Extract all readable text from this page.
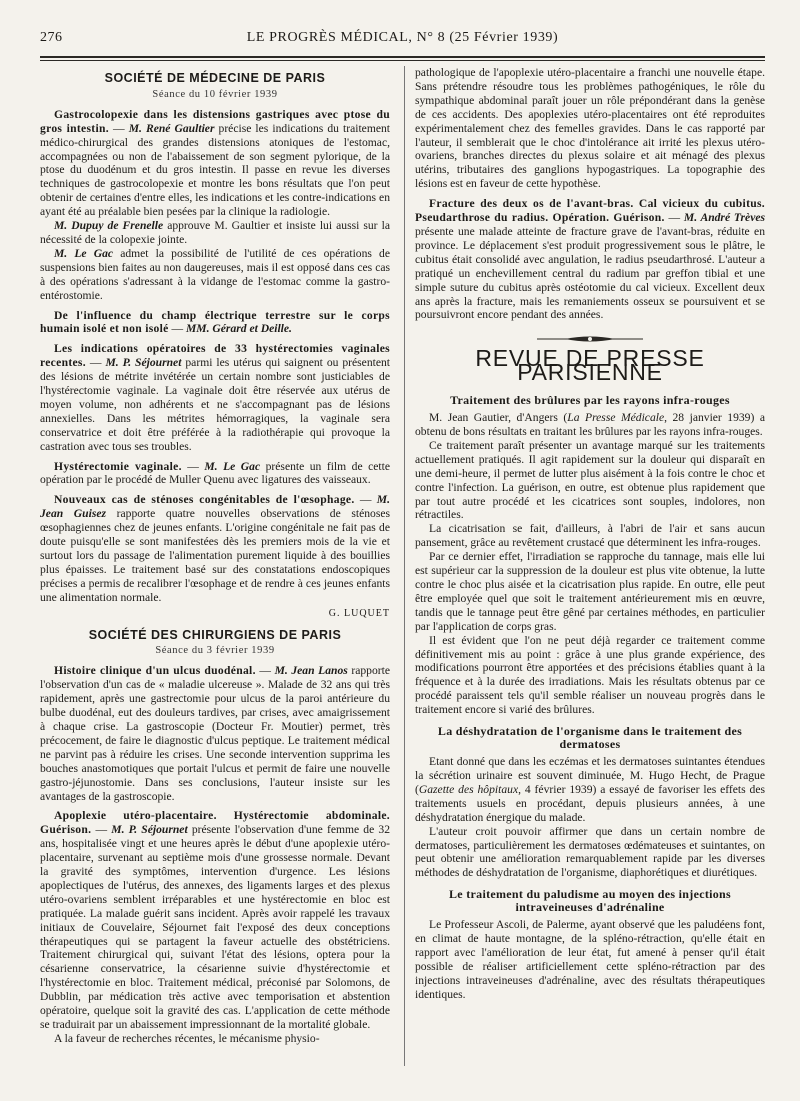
276	LE PROGRÈS MÉDICAL, N° 8 (25 Février 1939)
SOCIÉTÉ DE MÉDECINE DE PARIS
Séance du 10 février 1939

Gastrocolopexie dans les distensions gastriques avec ptose du gros intestin. — M. René Gaultier précise les indications du traitement médico-chirurgical des grandes distensions atoniques de l'estomac, accompagnées ou non de l'abaissement de son segment pylorique, de la ptose du duodénum et du gros intestin. Il passe en revue les diverses techniques de gastrocolopexie et montre les bons résultats que l'on peut obtenir de certaines d'entre elles, les indications et les contre-indications en ayant été au préalable bien pesées par la clinique la radiologie.

M. Dupuy de Frenelle approuve M. Gaultier et insiste lui aussi sur la nécessité de la colopexie jointe.

M. Le Gac admet la possibilité de l'utilité de ces opérations de suspensions bien faites au non daugereuses, mais il est opposé dans ces cas à des opérations s'adressant à la vidange de l'estomac comme la gastro-entérostomie.

De l'influence du champ électrique terrestre sur le corps humain isolé et non isolé — MM. Gérard et Deille.

Les indications opératoires de 33 hystérectomies vaginales recentes. — M. P. Séjournet parmi les utérus qui saignent ou présentent des lésions de métrite invétérée un certain nombre sont justiciables de l'hystérectomie vaginale. La vaginale doit être réservée aux utérus de moyen volume, non adhérents et ne s'accompagnant pas de lésions annexielles. Dans les métrites hémorragiques, la vaginale sera conservatrice et doit être préférée à la radiothérapie qui provoque la castration avec tous ses troubles.

Hystérectomie vaginale. — M. Le Gac présente un film de cette opération par le procédé de Muller Quenu avec ligatures des vaisseaux.

Nouveaux cas de sténoses congénitables de l'œsophage. — M. Jean Guisez rapporte quatre nouvelles observations de sténoses œsophagiennes chez de jeunes enfants. L'origine congénitale ne fait pas de doute puisqu'elle se sont manifestées dès les premiers mois de la vie et surtout lors du passage de l'alimentation purement liquide à des bouillies plus épaisses. Le traitement basé sur des constatations endoscopiques précises a permis de recalibrer l'œsophage et de rendre à ces jeunes enfants une alimentation normale.

G. LUQUET
SOCIÉTÉ DES CHIRURGIENS DE PARIS
Séance du 3 février 1939

Histoire clinique d'un ulcus duodénal. — M. Jean Lanos rapporte l'observation d'un cas de « maladie ulcereuse ». Malade de 32 ans qui très rapidement, après une gastrectomie pour ulcus de la paroi antérieure du bulbe duodénal, eut des douleurs tardives, par crises, avec amaigrissement à chaque crise. La gastroscopie (Docteur Fr. Moutier) permet, très précocement, de faire le diagnostic d'ulcus peptique. Le traitement médical ne parvint pas à réduire les crises. Une seconde intervention supprima les bouches anastomotiques que portait l'ulcus et permit de faire une nouvelle gastro-jéjunostomie. Dans ses conclusions, l'auteur insiste sur les avantages de la gastroscopie.

Apoplexie utéro-placentaire. Hystérectomie abdominale. Guérison. — M. P. Séjournet présente l'observation d'une femme de 32 ans, hospitalisée vingt et une heures après le début d'une apoplexie utéro-placentaire, survenant au septième mois d'une grossesse normale. Devant la gravité des symptômes, intervention d'urgence. Les lésions apoplectiques de l'utérus, des annexes, des ligaments larges et des plexus utéro-ovariens semblent irréparables et une hystérectomie en bloc est pratiquée. La malade guérit sans incident. Après avoir rappelé les travaux initiaux de Couvelaire, Séjournet fait l'exposé des deux conceptions thérapeutiques qui se partagent la faveur actuelle des obstétriciens. Traitement chirurgical qui, suivant l'état des lésions, optera pour la césarienne conservatrice, la césarienne suivie d'hystérectomie et l'hystérectomie en bloc. Traitement médical, préconisé par Solomons, de Dubblin, par médication très active avec temporisation et abstention opératoire, quelque soit la gravité des cas. L'application de cette méthode se traduirait par un abaissement impressionnant de la mortalité globale.

A la faveur de recherches récentes, le mécanisme physio-

pathologique de l'apoplexie utéro-placentaire a franchi une nouvelle étape. Sans prétendre résoudre tous les problèmes pathogéniques, le rôle du sympathique abdominal paraît jouer un rôle prépondérant dans la genèse de ces accidents. Des apoplexies utéro-placentaires ont été reproduites expérimentalement chez des femelles gravides. Dans le cas rapporté par l'auteur, il semblerait que le choc d'intolérance ait irrité les plexus utéro-ovariens, branches directes du plexus solaire et ait ménagé des plexus utérins, tributaires des ganglions hypogastriques. La topographie des lésions est en faveur de cette hypothèse.

Fracture des deux os de l'avant-bras. Cal vicieux du cubitus. Pseudarthrose du radius. Opération. Guérison. — M. André Trèves présente une malade atteinte de fracture grave de l'avant-bras, réduite en province. Le déplacement s'est produit progressivement sous le plâtre, le cubitus était consolidé avec angulation, le radius pseudarthrosé. L'auteur a pratiqué un enchevillement central du radium par greffon tibial et une simple suture du cubitus après ostéotomie du cal vicieux. Excellent deux ans après la fracture, mais les remaniements osseux se poursuivent et se poursuivront encore pendant des années.

REVUE DE PRESSE PARISIENNE
Traitement des brûlures par les rayons infra-rouges

M. Jean Gautier, d'Angers (La Presse Médicale, 28 janvier 1939) a obtenu de bons résultats en traitant les brûlures par les rayons infra-rouges.

Ce traitement paraît présenter un avantage marqué sur les traitements actuellement pratiqués. Il agit rapidement sur la douleur qui disparaît en une demi-heure, il permet de lutter plus aisément à la fois contre le choc et contre l'infection. La guérison, en outre, est obtenue plus rapidement que par tout autre procédé et les cicatrices sont souples, indolores, non rétractiles.

La cicatrisation se fait, d'ailleurs, à l'abri de l'air et sans aucun pansement, grâce au revêtement crustacé que déterminent les infra-rouges.

Par ce dernier effet, l'irradiation se rapproche du tannage, mais elle lui est supérieur car la suppression de la douleur est plus vite obtenue, la lutte contre le choc plus aisée et la cicatrisation plus rapide. En outre, elle peut être employée quel que soit le traitement antérieurement mis en œuvre, tandis que le tannage peut être gêné par certaines méthodes, en particulier par l'application de corps gras.

Il est évident que l'on ne peut déjà regarder ce traitement comme définitivement mis au point : grâce à une plus grande expérience, des modifications pourront être apportées et des précisions établies quant à la fréquence et à la durée des irradiations. Mais les résultats obtenus par ce procédé paraissent tels qu'il semble réaliser un nouveau progrès dans le traitement encore si varié des brûlures.

La déshydratation de l'organisme dans le traitement des dermatoses

Etant donné que dans les eczémas et les dermatoses suintantes étendues la sécrétion urinaire est souvent diminuée, M. Hugo Hecht, de Prague (Gazette des hôpitaux, 4 février 1939) a essayé de favoriser les effets des traitements usuels en procédant, depuis plusieurs années, à une déshydratation énergique du malade.

L'auteur croit pouvoir affirmer que dans un certain nombre de dermatoses, particulièrement les dermatoses œdémateuses et suintantes, on peut obtenir une amélioration remarquablement rapide par les diverses méthodes de déshydratation de l'organisme, diaphorétiques et diurétiques.

Le traitement du paludisme au moyen des injections intraveineuses d'adrénaline

Le Professeur Ascoli, de Palerme, ayant observé que les paludéens font, en climat de haute montagne, de la spléno-rétraction, qu'elle était en rapport avec l'amélioration de leur état, fut amené à penser qu'il était possible de réaliser artificiellement cette spléno-rétraction par des injections intraveineuses d'adrénaline, avec des résultats thérapeutiques identiques.
